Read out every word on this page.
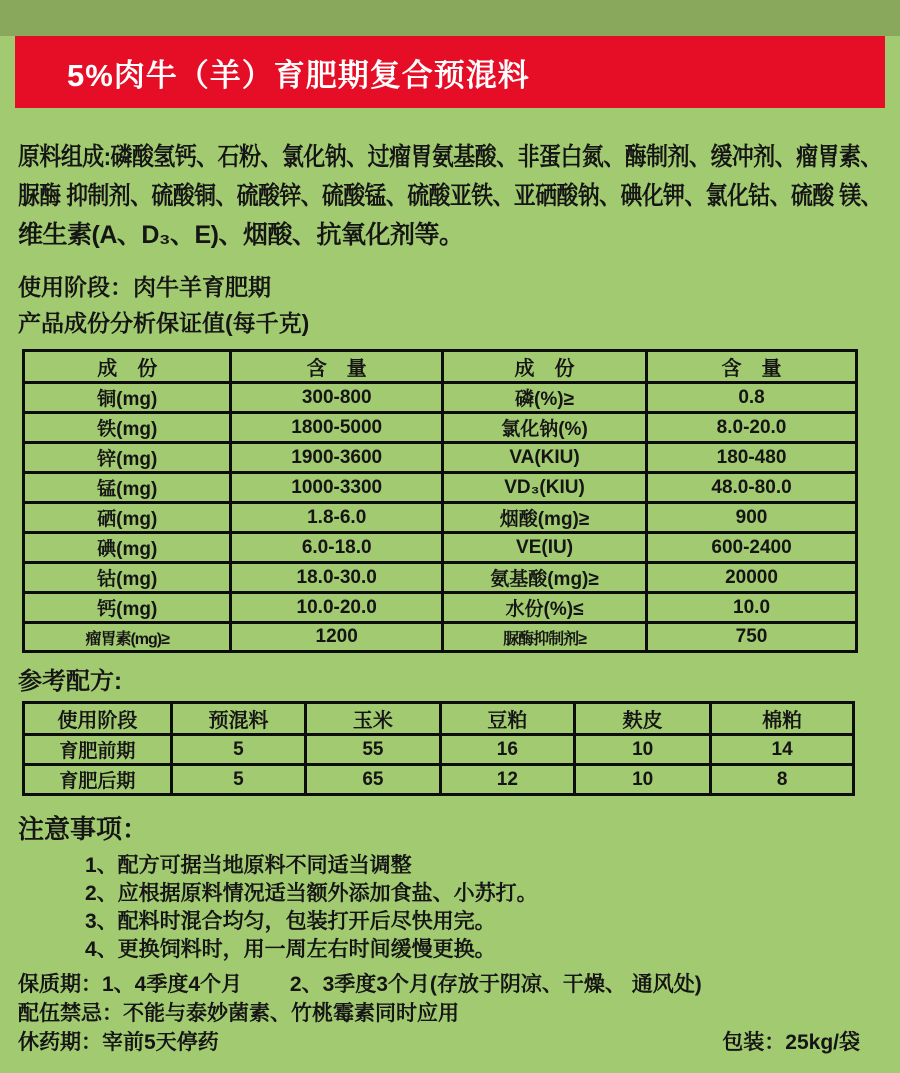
5%肉牛（羊）育肥期复合预混料
原料组成:磷酸氢钙、石粉、氯化钠、过瘤胃氨基酸、非蛋白氮、酶制剂、缓冲剂、瘤胃素、
脲酶 抑制剂、硫酸铜、硫酸锌、硫酸锰、硫酸亚铁、亚硒酸钠、碘化钾、氯化钴、硫酸 镁、
维生素(A、D₃、E)、烟酸、抗氧化剂等。
使用阶段：肉牛羊育肥期
产品成份分析保证值(每千克)
成　份	含　量	成　份	含　量
铜(mg)	300-800	磷(%)≥	0.8
铁(mg)	1800-5000	氯化钠(%)	8.0-20.0
锌(mg)	1900-3600	VA(KIU)	180-480
锰(mg)	1000-3300	VD₃(KIU)	48.0-80.0
硒(mg)	1.8-6.0	烟酸(mg)≥	900
碘(mg)	6.0-18.0	VE(IU)	600-2400
钴(mg)	18.0-30.0	氨基酸(mg)≥	20000
钙(mg)	10.0-20.0	水份(%)≤	10.0
瘤胃素(mg)≥	1200	脲酶抑制剂≥	750
参考配方:
使用阶段	预混料	玉米	豆粕	麸皮	棉粕
育肥前期	5	55	16	10	14
育肥后期	5	65	12	10	8
注意事项：
1、配方可据当地原料不同适当调整
2、应根据原料情况适当额外添加食盐、小苏打。
3、配料时混合均匀，包装打开后尽快用完。
4、更换饲料时，用一周左右时间缓慢更换。
保质期：1、4季度4个月 2、3季度3个月(存放于阴凉、干燥、 通风处)
配伍禁忌：不能与泰妙菌素、竹桃霉素同时应用
休药期：宰前5天停药	包装：25kg/袋
